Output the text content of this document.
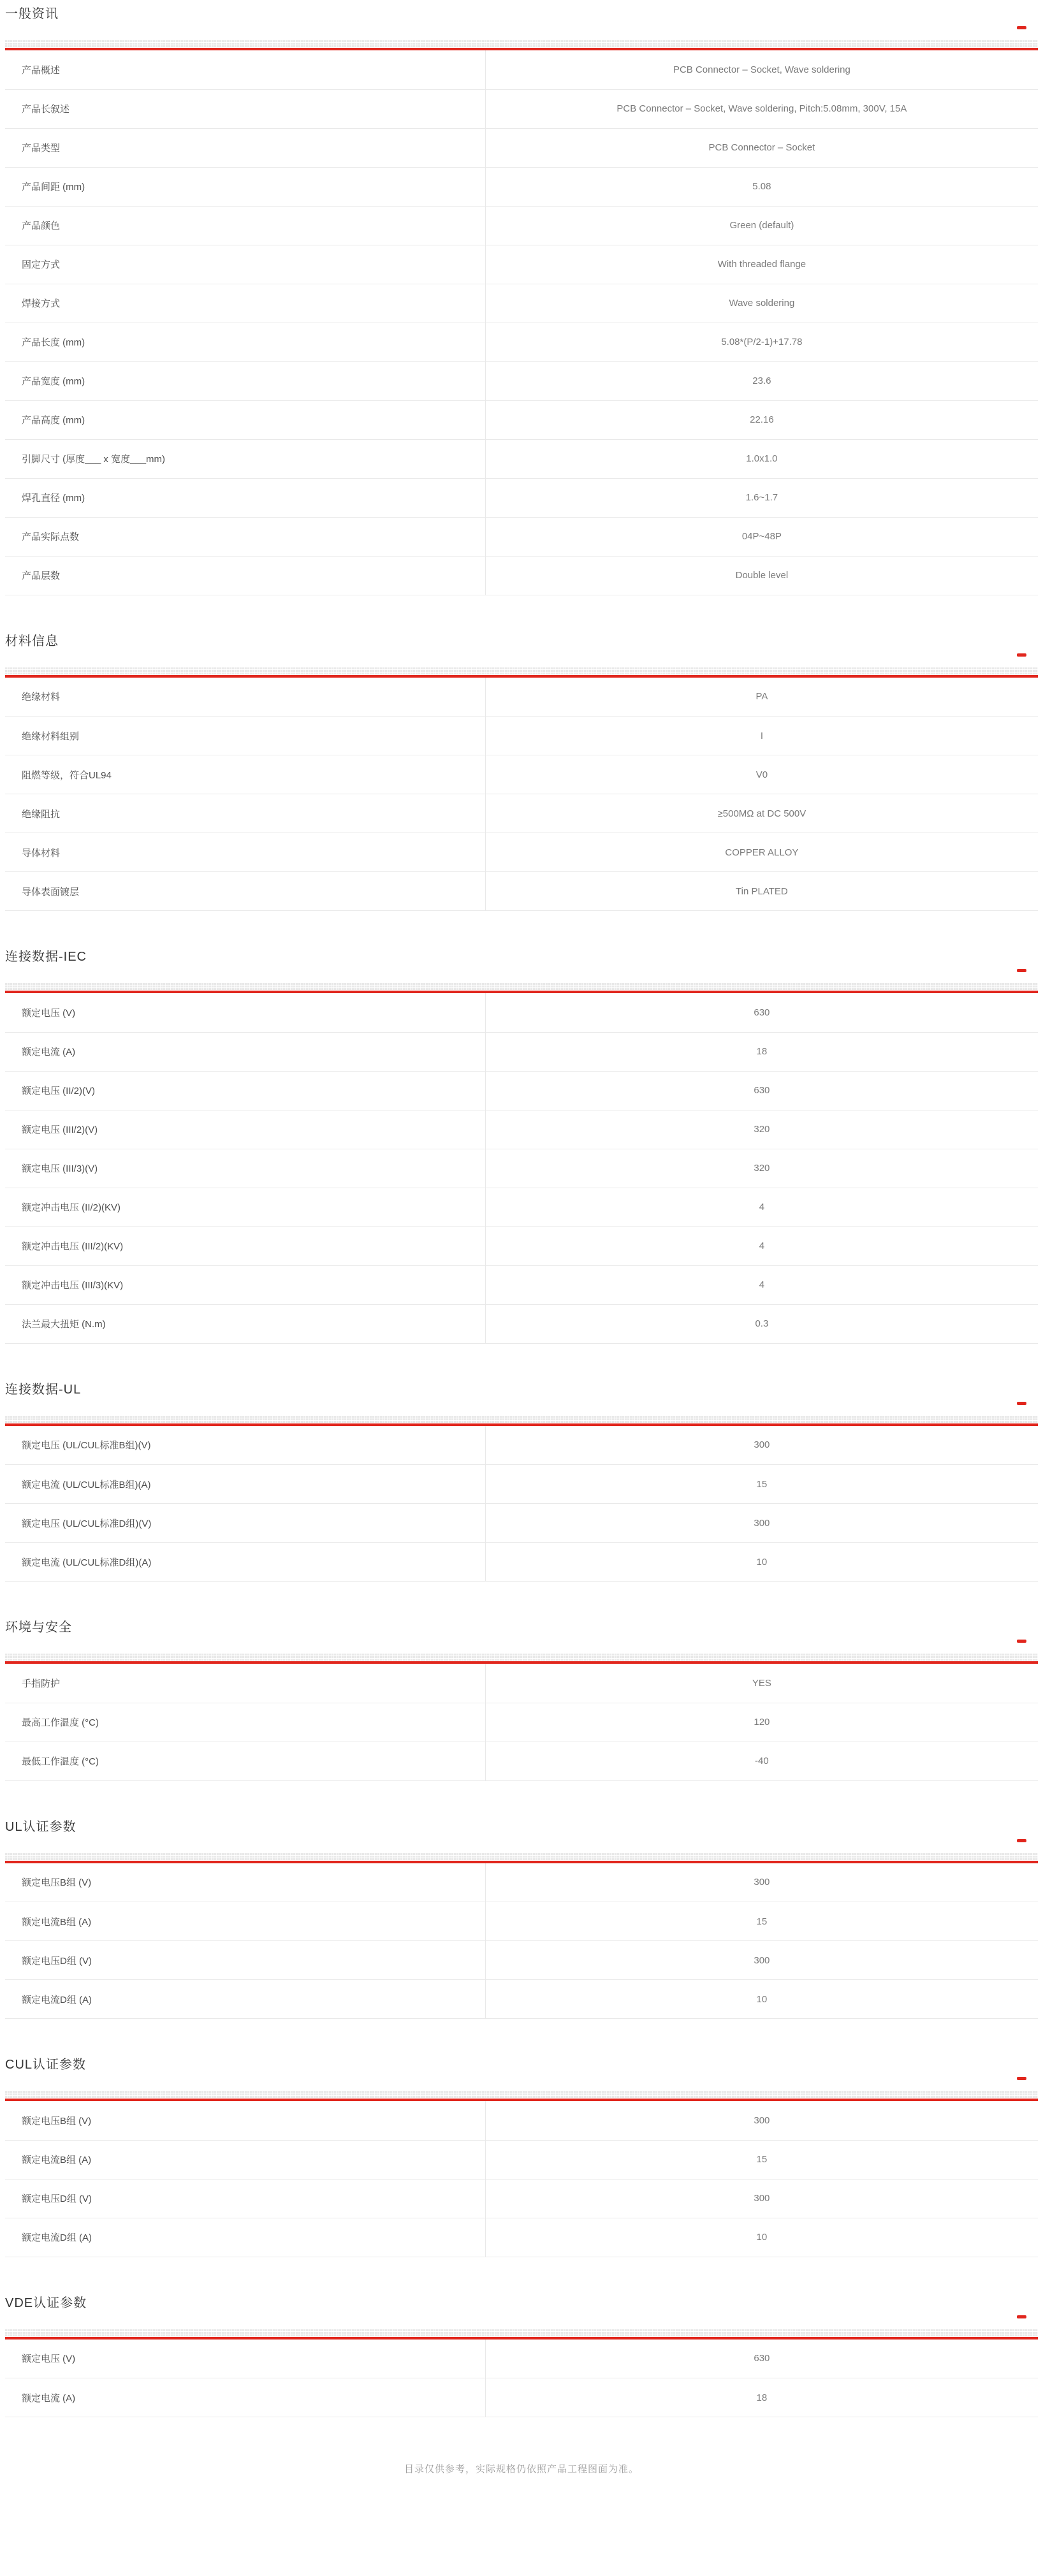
一般资讯
产品概述	PCB Connector – Socket, Wave soldering
产品长叙述	PCB Connector – Socket, Wave soldering, Pitch:5.08mm, 300V, 15A
产品类型	PCB Connector – Socket
产品间距 (mm)	5.08
产品颜色	Green (default)
固定方式	With threaded flange
焊接方式	Wave soldering
产品长度 (mm)	5.08*(P/2-1)+17.78
产品宽度 (mm)	23.6
产品高度 (mm)	22.16
引脚尺寸 (厚度___ x 宽度___mm)	1.0x1.0
焊孔直径 (mm)	1.6~1.7
产品实际点数	04P~48P
产品层数	Double level
材料信息
绝缘材料	PA
绝缘材料组别	I
阻燃等级，符合UL94	V0
绝缘阻抗	≥500MΩ at DC 500V
导体材料	COPPER ALLOY
导体表面镀层	Tin PLATED
连接数据-IEC
额定电压 (V)	630
额定电流 (A)	18
额定电压 (II/2)(V)	630
额定电压 (III/2)(V)	320
额定电压 (III/3)(V)	320
额定冲击电压 (II/2)(KV)	4
额定冲击电压 (III/2)(KV)	4
额定冲击电压 (III/3)(KV)	4
法兰最大扭矩 (N.m)	0.3
连接数据-UL
额定电压 (UL/CUL标准B组)(V)	300
额定电流 (UL/CUL标准B组)(A)	15
额定电压 (UL/CUL标准D组)(V)	300
额定电流 (UL/CUL标准D组)(A)	10
环境与安全
手指防护	YES
最高工作温度 (°C)	120
最低工作温度 (°C)	-40
UL认证参数
额定电压B组 (V)	300
额定电流B组 (A)	15
额定电压D组 (V)	300
额定电流D组 (A)	10
CUL认证参数
额定电压B组 (V)	300
额定电流B组 (A)	15
额定电压D组 (V)	300
额定电流D组 (A)	10
VDE认证参数
额定电压 (V)	630
额定电流 (A)	18
目录仅供参考，实际规格仍依照产品工程图面为准。
